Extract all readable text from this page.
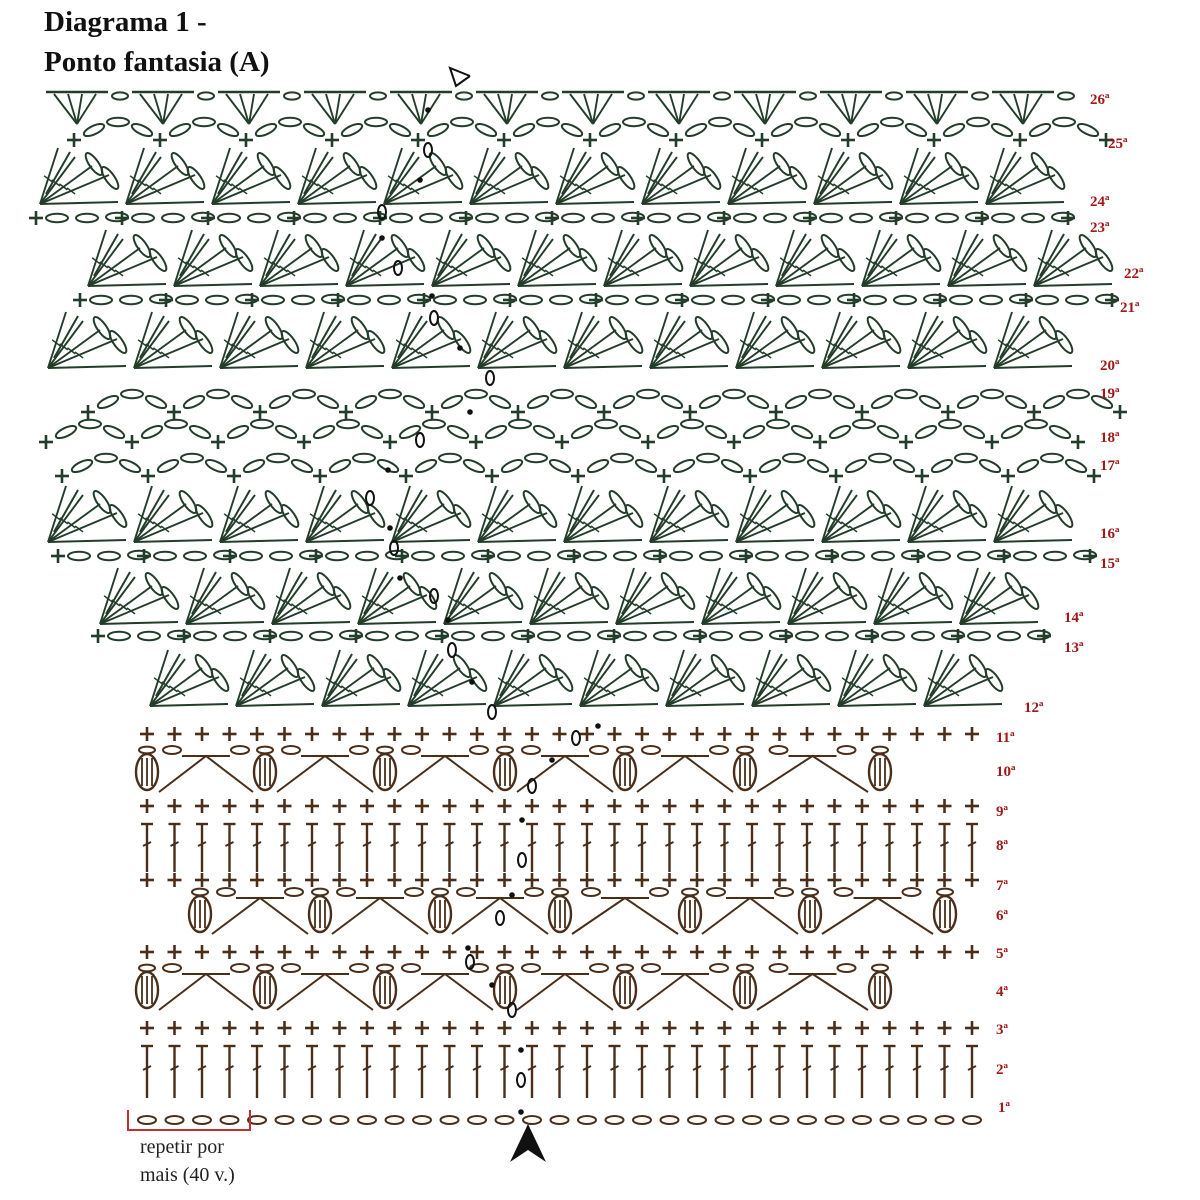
Diagrama 1 -
Ponto fantasia (A)
1ª
2ª
3ª
4ª
5ª
6ª
7ª
8ª
9ª
10ª
11ª
12ª
13ª
14ª
15ª
16ª
17ª
18ª
19ª
20ª
21ª
22ª
23ª
24ª
25ª
26ª
repetir por
mais (40 v.)
